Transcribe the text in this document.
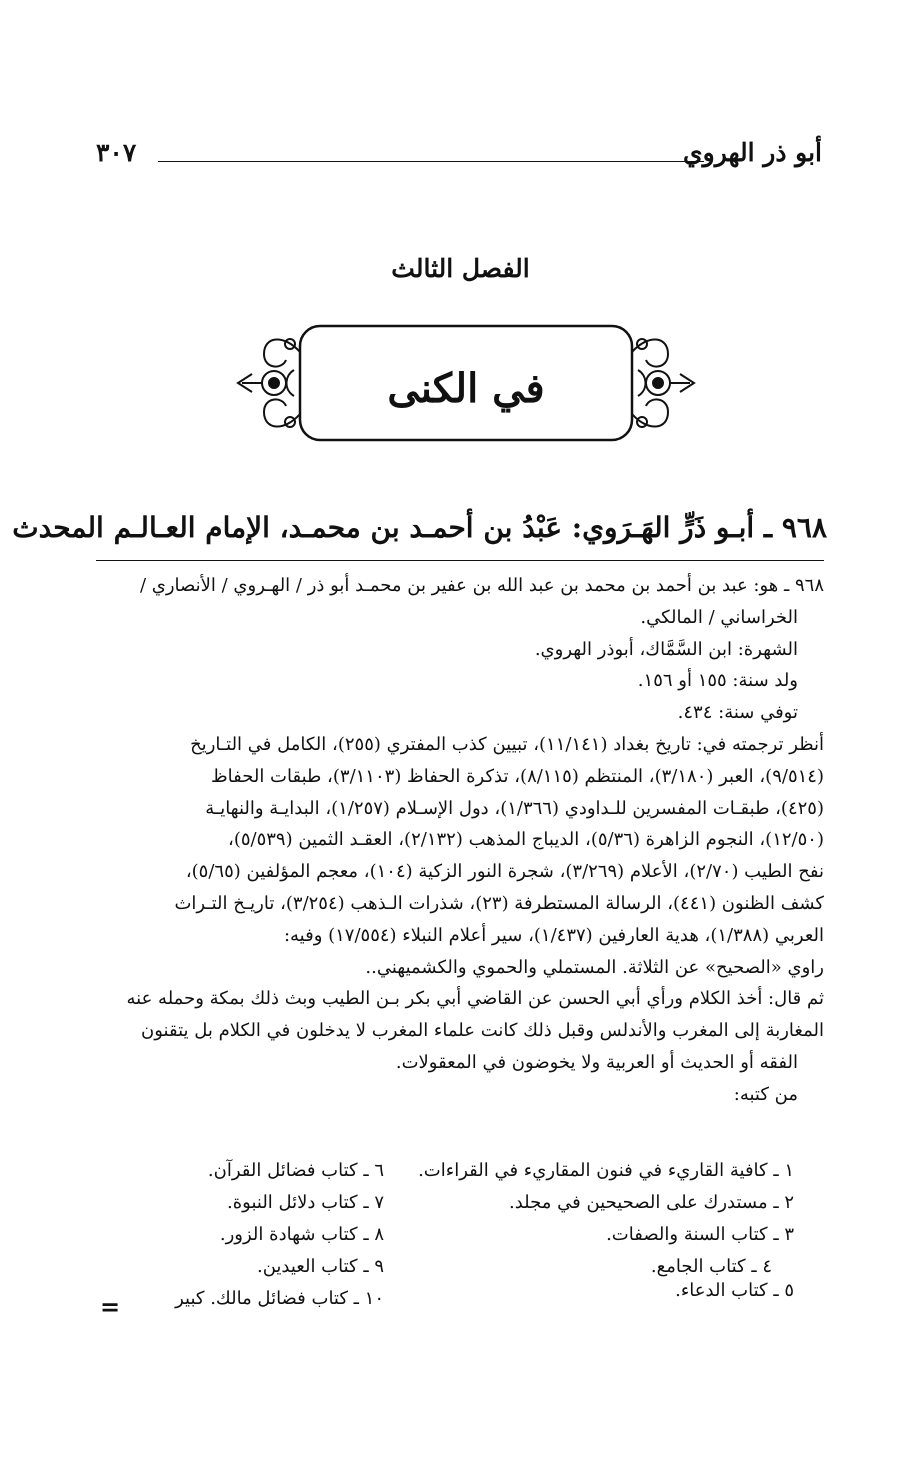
أبو ذر الهروي
٣٠٧
الفصل الثالث
في الكنى
٩٦٨ ـ أبـو ذَرٍّ الهَـرَوي: عَبْدُ بن أحمـد بن محمـد، الإمام العـالـم المحدث

٩٦٨ ـ هو: عبد بن أحمد بن محمد بن عبد الله بن عفير بن محمـد أبو ذر / الهـروي / الأنصاري /

الخراساني / المالكي.

الشهرة: ابن السَّمَّاك، أبوذر الهروي.

ولد سنة: ١٥٥ أو ١٥٦.

توفي سنة: ٤٣٤.

أنظر ترجمته في: تاريخ بغداد (١١/١٤١)، تبيين كذب المفتري (٢٥٥)، الكامل في التـاريخ

(٩/٥١٤)، العبر (٣/١٨٠)، المنتظم (٨/١١٥)، تذكرة الحفاظ (٣/١١٠٣)، طبقات الحفاظ

(٤٢٥)، طبقـات المفسرين للـداودي (١/٣٦٦)، دول الإسـلام (١/٢٥٧)، البدايـة والنهايـة

(١٢/٥٠)، النجوم الزاهرة (٥/٣٦)، الديباج المذهب (٢/١٣٢)، العقـد الثمين (٥/٥٣٩)،

نفح الطيب (٢/٧٠)، الأعلام (٣/٢٦٩)، شجرة النور الزكية (١٠٤)، معجم المؤلفين (٥/٦٥)،

كشف الظنون (٤٤١)، الرسالة المستطرفة (٢٣)، شذرات الـذهب (٣/٢٥٤)، تاريـخ التـراث

العربي (١/٣٨٨)، هدية العارفين (١/٤٣٧)، سير أعلام النبلاء (١٧/٥٥٤) وفيه:

راوي «الصحيح» عن الثلاثة. المستملي والحموي والكشميهني..

ثم قال: أخذ الكلام ورأي أبي الحسن عن القاضي أبي بكر بـن الطيب وبث ذلك بمكة وحمله عنه

المغاربة إلى المغرب والأندلس وقبل ذلك كانت علماء المغرب لا يدخلون في الكلام بل يتقنون

الفقه أو الحديث أو العربية ولا يخوضون في المعقولات.

من كتبه:

١ ـ كافية القاريء في فنون المقاريء في القراءات.
٢ ـ مستدرك على الصحيحين في مجلد.
٣ ـ كتاب السنة والصفات.
٤ ـ كتاب الجامع.
٥ ـ كتاب الدعاء.
٦ ـ كتاب فضائل القرآن.
٧ ـ كتاب دلائل النبوة.
٨ ـ كتاب شهادة الزور.
٩ ـ كتاب العيدين.
١٠ ـ كتاب فضائل مالك. كبير
=
